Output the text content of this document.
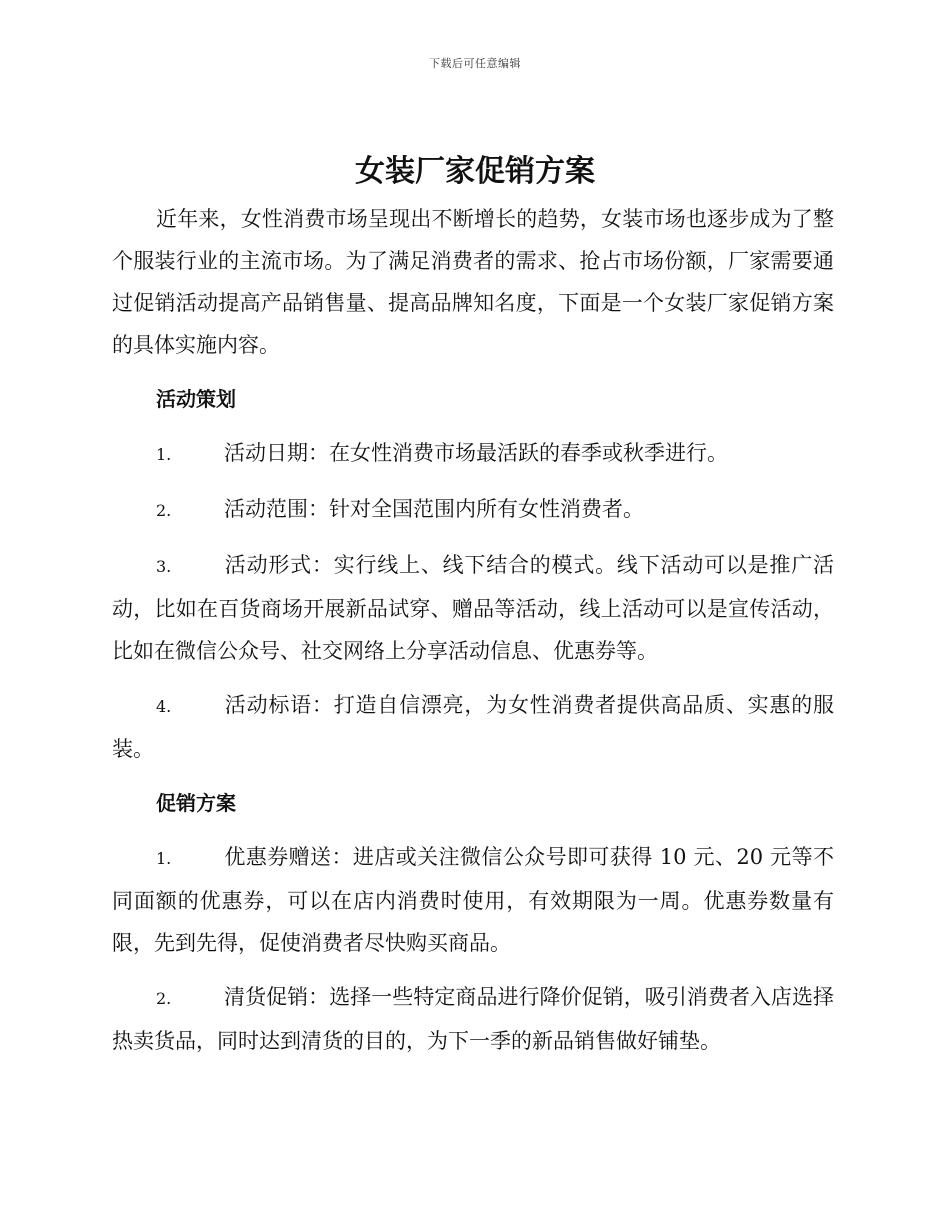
下载后可任意编辑
女装厂家促销方案

近年来，女性消费市场呈现出不断增长的趋势，女装市场也逐步成为了整个服装行业的主流市场。为了满足消费者的需求、抢占市场份额，厂家需要通过促销活动提高产品销售量、提高品牌知名度，下面是一个女装厂家促销方案的具体实施内容。

活动策划

1.	活动日期：在女性消费市场最活跃的春季或秋季进行。

2.	活动范围：针对全国范围内所有女性消费者。

3.	活动形式：实行线上、线下结合的模式。线下活动可以是推广活动，比如在百货商场开展新品试穿、赠品等活动，线上活动可以是宣传活动，比如在微信公众号、社交网络上分享活动信息、优惠券等。

4.	活动标语：打造自信漂亮，为女性消费者提供高品质、实惠的服装。

促销方案

1.	优惠券赠送：进店或关注微信公众号即可获得 10 元、20 元等不同面额的优惠券，可以在店内消费时使用，有效期限为一周。优惠券数量有限，先到先得，促使消费者尽快购买商品。

2.	清货促销：选择一些特定商品进行降价促销，吸引消费者入店选择热卖货品，同时达到清货的目的，为下一季的新品销售做好铺垫。
